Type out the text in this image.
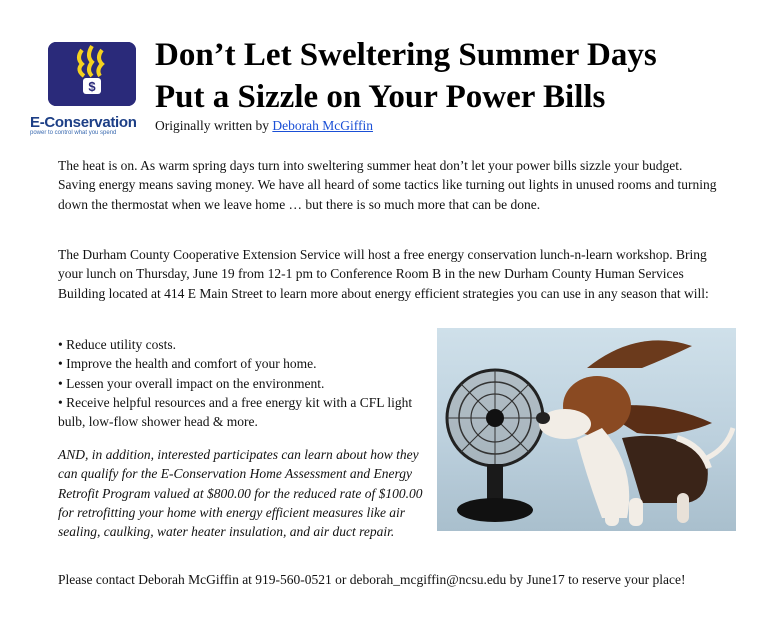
$
E-Conservation
power to control what you spend
Don’t Let Sweltering Summer Days
Put a Sizzle on Your Power Bills
Originally written by Deborah McGiffin

The heat is on. As warm spring days turn into sweltering summer heat don’t let your power bills sizzle your budget. Saving energy means saving money. We have all heard of some tactics like turning out lights in unused rooms and turning down the thermostat when we leave home … but there is so much more that can be done.

The Durham County Cooperative Extension Service will host a free energy conservation lunch-n-learn workshop. Bring your lunch on Thursday, June 19 from 12-1 pm to Conference Room B in the new Durham County Human Services Building located at 414 E Main Street to learn more about energy efficient strategies you can use in any season that will:

• Reduce utility costs.
• Improve the health and comfort of your home.
• Lessen your overall impact on the environment.
• Receive helpful resources and a free energy kit with a CFL light bulb, low-flow shower head & more.

AND, in addition, interested participates can learn about how they can qualify for the E-Conservation Home Assessment and Energy Retrofit Program valued at $800.00 for the reduced rate of $100.00 for retrofitting your home with energy efficient measures like air sealing, caulking, water heater insulation, and air duct repair.

Please contact Deborah McGiffin at 919-560-0521 or deborah_mcgiffin@ncsu.edu by June17 to reserve your place!
